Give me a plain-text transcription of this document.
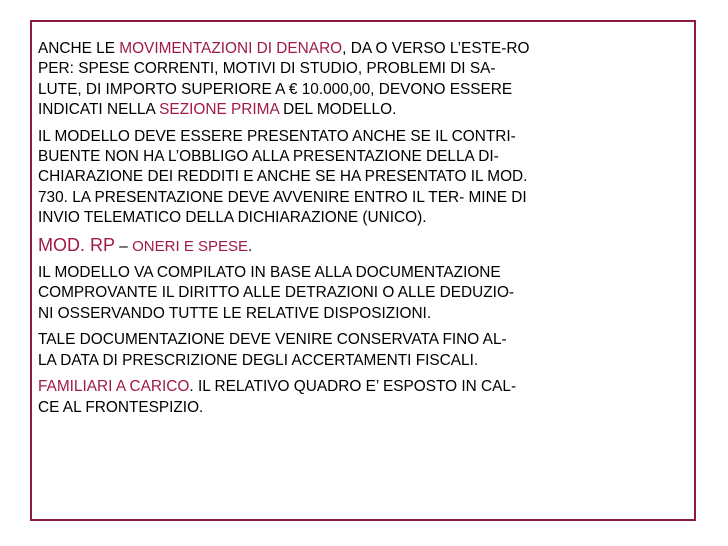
ANCHE LE MOVIMENTAZIONI DI DENARO, DA O VERSO L’ESTE-RO
PER: SPESE CORRENTI, MOTIVI DI STUDIO, PROBLEMI DI SA-
LUTE, DI IMPORTO SUPERIORE A € 10.000,00, DEVONO ESSERE
INDICATI NELLA SEZIONE PRIMA DEL MODELLO.

IL MODELLO DEVE ESSERE PRESENTATO ANCHE SE IL CONTRI-
BUENTE NON HA L’OBBLIGO ALLA PRESENTAZIONE DELLA DI-
CHIARAZIONE DEI REDDITI E ANCHE SE HA PRESENTATO IL MOD.
730. LA PRESENTAZIONE DEVE AVVENIRE ENTRO IL TER- MINE DI
INVIO TELEMATICO DELLA DICHIARAZIONE (UNICO).

MOD. RP – ONERI E SPESE.

IL MODELLO VA COMPILATO IN BASE ALLA DOCUMENTAZIONE
COMPROVANTE IL DIRITTO ALLE DETRAZIONI O ALLE DEDUZIO-
NI OSSERVANDO TUTTE LE RELATIVE DISPOSIZIONI.

TALE DOCUMENTAZIONE DEVE VENIRE CONSERVATA FINO AL-
LA DATA DI PRESCRIZIONE DEGLI ACCERTAMENTI FISCALI.

FAMILIARI A CARICO. IL RELATIVO QUADRO E’ ESPOSTO IN CAL-
CE AL FRONTESPIZIO.
